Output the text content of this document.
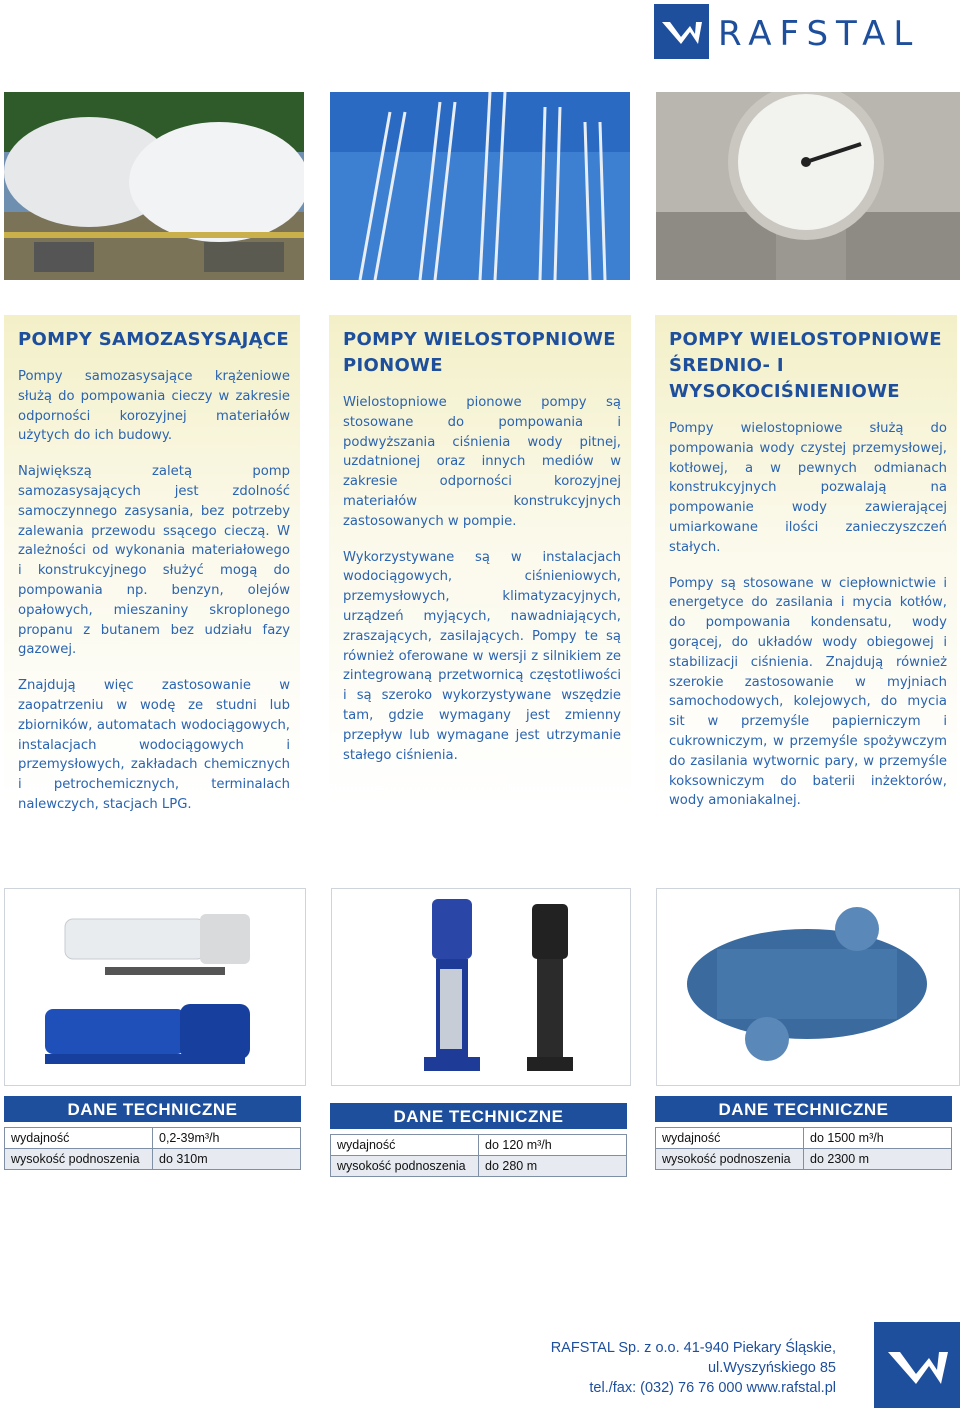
RAFSTAL
POMPY SAMOZASYSAJĄCE

Pompy samozasysające krążeniowe służą do pompowania cieczy w zakresie odporności korozyjnej materiałów użytych do ich budowy.

Największą zaletą pomp samozasysających jest zdolność samoczynnego zasysania, bez potrzeby zalewania przewodu ssącego cieczą. W zależności od wykonania materiałowego i konstrukcyjnego służyć mogą do pompowania np. benzyn, olejów opałowych, mieszaniny skroplonego propanu z butanem bez udziału fazy gazowej.

Znajdują więc zastosowanie w zaopatrzeniu w wodę ze studni lub zbiorników, automatach wodociągowych, instalacjach wodociągowych i przemysłowych, zakładach chemicznych i petrochemicznych, terminalach nalewczych, stacjach LPG.

POMPY WIELOSTOPNIOWE PIONOWE

Wielostopniowe pionowe pompy są stosowane do pompowania i podwyższania ciśnienia wody pitnej, uzdatnionej oraz innych mediów w zakresie odporności korozyjnej materiałów konstrukcyjnych zastosowanych w pompie.

Wykorzystywane są w instalacjach wodociągowych, ciśnieniowych, przemysłowych, klimatyzacyjnych, urządzeń myjących, nawadniających, zraszających, zasilających. Pompy te są również oferowane w wersji z silnikiem ze zintegrowaną przetwornicą częstotliwości i są szeroko wykorzystywane wszędzie tam, gdzie wymagany jest zmienny przepływ lub wymagane jest utrzymanie stałego ciśnienia.

POMPY WIELOSTOPNIOWE ŚREDNIO- I WYSOKOCIŚNIENIOWE

Pompy wielostopniowe służą do pompowania wody czystej przemysłowej, kotłowej, a w pewnych odmianach konstrukcyjnych pozwalają na pompowanie wody zawierającej umiarkowane ilości zanieczyszczeń stałych.

Pompy są stosowane w ciepłownictwie i energetyce do zasilania i mycia kotłów, do pompowania kondensatu, wody gorącej, do układów wody obiegowej i stabilizacji ciśnienia. Znajdują również szerokie zastosowanie w myjniach samochodowych, kolejowych, do mycia sit w przemyśle papierniczym i cukrowniczym, w przemyśle spożywczym do zasilania wytwornic pary, w przemyśle koksowniczym do baterii inżektorów, wody amoniakalnej.

DANE TECHNICZNE
wydajność	0,2-39m³/h
wysokość podnoszenia	do 310m
DANE TECHNICZNE
wydajność	do 120 m³/h
wysokość podnoszenia	do 280 m
DANE TECHNICZNE
wydajność	do 1500 m³/h
wysokość podnoszenia	do 2300 m
RAFSTAL Sp. z o.o. 41-940 Piekary Śląskie, ul.Wyszyńskiego 85
tel./fax: (032) 76 76 000 www.rafstal.pl
